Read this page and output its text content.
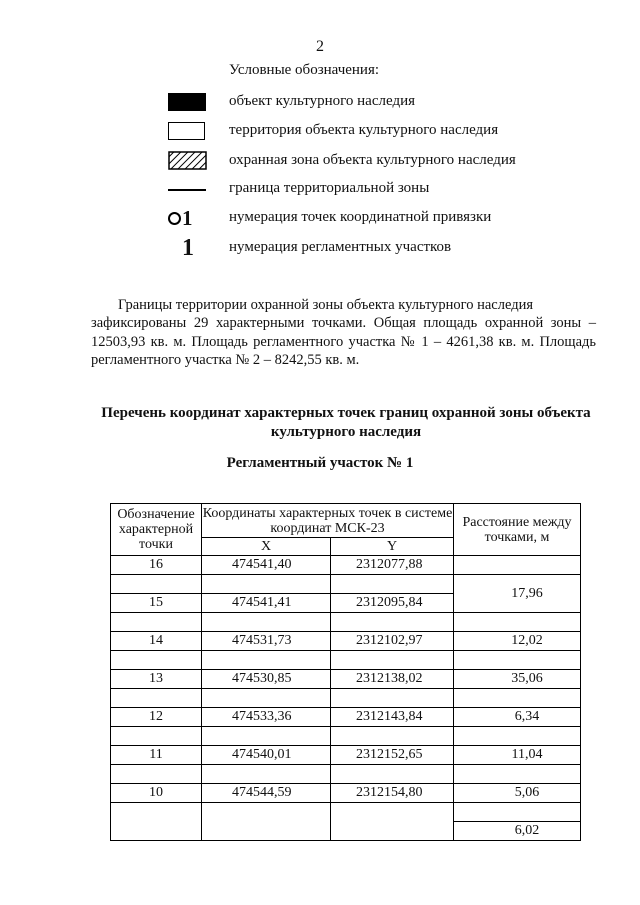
2
Условные обозначения:
объект культурного наследия
территория объекта культурного наследия
охранная зона объекта культурного наследия
граница территориальной зоны
1	нумерация точек координатной привязки
1	нумерация регламентных участков
Границы территории охранной зоны объекта культурного наследия
зафиксированы 29 характерными точками. Общая площадь охранной зоны – 12503,93 кв. м. Площадь регламентного участка № 1 – 4261,38 кв. м. Площадь регламентного участка № 2 – 8242,55 кв. м.
Перечень координат характерных точек границ охранной зоны объекта культурного наследия
Регламентный участок № 1
Обозначение характерной точки	Координаты характерных точек в системе координат МСК-23		Расстояние между точками, м
	X	Y	
16	474541,40	2312077,88	

			17,96
15	474541,41	2312095,84	

			12,02
14	474531,73	2312102,97	

			35,06
13	474530,85	2312138,02	

			6,34
12	474533,36	2312143,84	

			11,04
11	474540,01	2312152,65	

			5,06
10	474544,59	2312154,80	

			6,02
